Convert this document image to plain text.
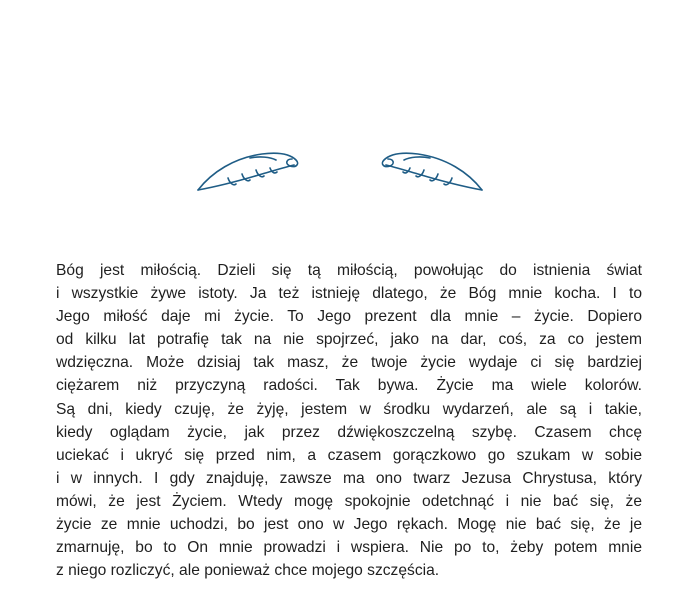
Bóg jest miłością. Dzieli się tą miłością, powołując do istnienia świat
i wszystkie żywe istoty. Ja też istnieję dlatego, że Bóg mnie kocha. I to
Jego miłość daje mi życie. To Jego prezent dla mnie – życie. Dopiero
od kilku lat potrafię tak na nie spojrzeć, jako na dar, coś, za co jestem
wdzięczna. Może dzisiaj tak masz, że twoje życie wydaje ci się bardziej
ciężarem niż przyczyną radości. Tak bywa. Życie ma wiele kolorów.
Są dni, kiedy czuję, że żyję, jestem w środku wydarzeń, ale są i takie,
kiedy oglądam życie, jak przez dźwiękoszczelną szybę. Czasem chcę
uciekać i ukryć się przed nim, a czasem gorączkowo go szukam w sobie
i w innych. I gdy znajduję, zawsze ma ono twarz Jezusa Chrystusa, który
mówi, że jest Życiem. Wtedy mogę spokojnie odetchnąć i nie bać się, że
życie ze mnie uchodzi, bo jest ono w Jego rękach. Mogę nie bać się, że je
zmarnuję, bo to On mnie prowadzi i wspiera. Nie po to, żeby potem mnie
z niego rozliczyć, ale ponieważ chce mojego szczęścia.
